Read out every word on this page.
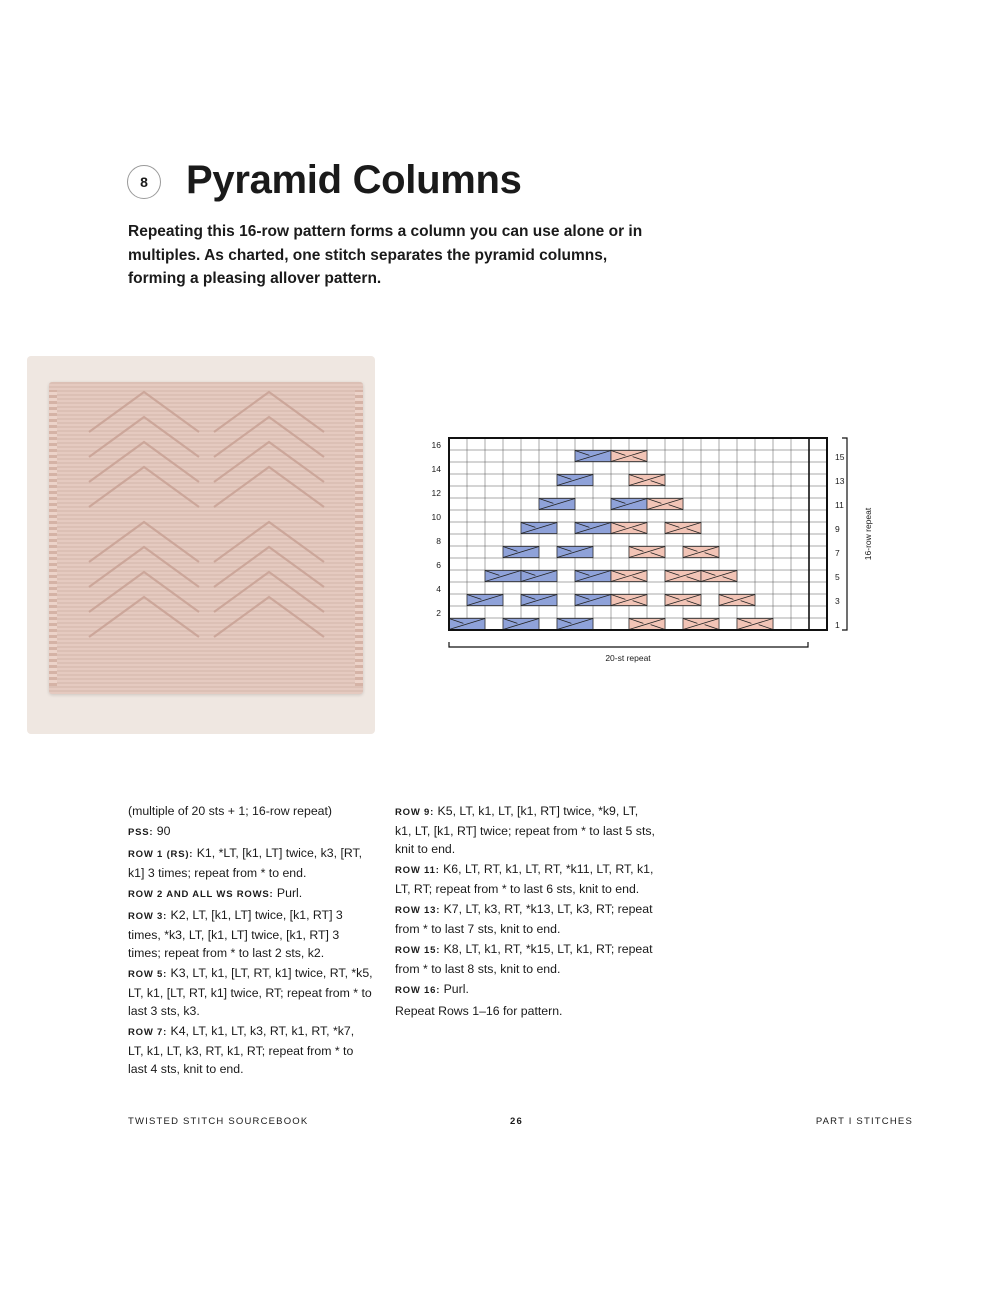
8 Pyramid Columns

Repeating this 16-row pattern forms a column you can use alone or in multiples. As charted, one stitch separates the pyramid columns, forming a pleasing allover pattern.

16
14
12
10
8
6
4
2
15
13
11
9
7
5
3
1
16-row repeat
20-st repeat

(multiple of 20 sts + 1; 16-row repeat)

PSS: 90

ROW 1 (RS): K1, *LT, [k1, LT] twice, k3, [RT, k1] 3 times; repeat from * to end.

ROW 2 AND ALL WS ROWS: Purl.

ROW 3: K2, LT, [k1, LT] twice, [k1, RT] 3 times, *k3, LT, [k1, LT] twice, [k1, RT] 3 times; repeat from * to last 2 sts, k2.

ROW 5: K3, LT, k1, [LT, RT, k1] twice, RT, *k5, LT, k1, [LT, RT, k1] twice, RT; repeat from * to last 3 sts, k3.

ROW 7: K4, LT, k1, LT, k3, RT, k1, RT, *k7, LT, k1, LT, k3, RT, k1, RT; repeat from * to last 4 sts, knit to end.

ROW 9: K5, LT, k1, LT, [k1, RT] twice, *k9, LT, k1, LT, [k1, RT] twice; repeat from * to last 5 sts, knit to end.

ROW 11: K6, LT, RT, k1, LT, RT, *k11, LT, RT, k1, LT, RT; repeat from * to last 6 sts, knit to end.

ROW 13: K7, LT, k3, RT, *k13, LT, k3, RT; repeat from * to last 7 sts, knit to end.

ROW 15: K8, LT, k1, RT, *k15, LT, k1, RT; repeat from * to last 8 sts, knit to end.

ROW 16: Purl.

Repeat Rows 1–16 for pattern.

TWISTED STITCH SOURCEBOOK	26	PART I STITCHES
